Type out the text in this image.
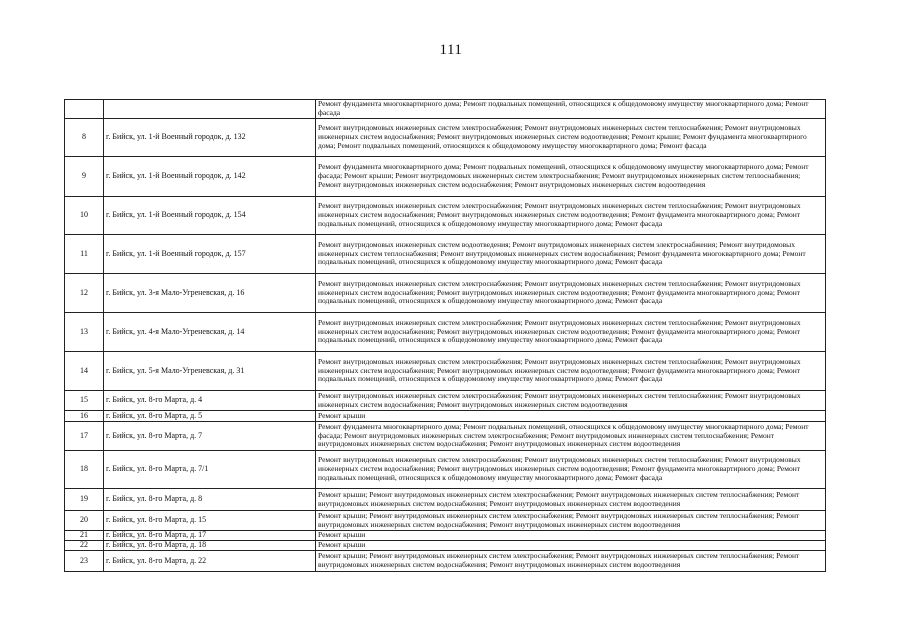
111
		Ремонт фундамента многоквартирного дома; Ремонт подвальных помещений, относящихся к общедомовому имуществу многоквартирного дома; Ремонт фасада
8	г. Бийск, ул. 1-й Военный городок, д. 132	Ремонт внутридомовых инженерных систем электроснабжения; Ремонт внутридомовых инженерных систем теплоснабжения; Ремонт внутридомовых инженерных систем водоснабжения; Ремонт внутридомовых инженерных систем водоотведения; Ремонт крыши; Ремонт фундамента многоквартирного дома; Ремонт подвальных помещений, относящихся к общедомовому имуществу многоквартирного дома; Ремонт фасада
9	г. Бийск, ул. 1-й Военный городок, д. 142	Ремонт фундамента многоквартирного дома; Ремонт подвальных помещений, относящихся к общедомовому имуществу многоквартирного дома; Ремонт фасада; Ремонт крыши; Ремонт внутридомовых инженерных систем электроснабжения; Ремонт внутридомовых инженерных систем теплоснабжения; Ремонт внутридомовых инженерных систем водоснабжения; Ремонт внутридомовых инженерных систем водоотведения
10	г. Бийск, ул. 1-й Военный городок, д. 154	Ремонт внутридомовых инженерных систем электроснабжения; Ремонт внутридомовых инженерных систем теплоснабжения; Ремонт внутридомовых инженерных систем водоснабжения; Ремонт внутридомовых инженерных систем водоотведения; Ремонт фундамента многоквартирного дома; Ремонт подвальных помещений, относящихся к общедомовому имуществу многоквартирного дома; Ремонт фасада
11	г. Бийск, ул. 1-й Военный городок, д. 157	Ремонт внутридомовых инженерных систем водоотведения; Ремонт внутридомовых инженерных систем электроснабжения; Ремонт внутридомовых инженерных систем теплоснабжения; Ремонт внутридомовых инженерных систем водоснабжения; Ремонт фундамента многоквартирного дома; Ремонт подвальных помещений, относящихся к общедомовому имуществу многоквартирного дома; Ремонт фасада
12	г. Бийск, ул. 3-я Мало-Угреневская, д. 16	Ремонт внутридомовых инженерных систем электроснабжения; Ремонт внутридомовых инженерных систем теплоснабжения; Ремонт внутридомовых инженерных систем водоснабжения; Ремонт внутридомовых инженерных систем водоотведения; Ремонт фундамента многоквартирного дома; Ремонт подвальных помещений, относящихся к общедомовому имуществу многоквартирного дома; Ремонт фасада
13	г. Бийск, ул. 4-я Мало-Угреневская, д. 14	Ремонт внутридомовых инженерных систем электроснабжения; Ремонт внутридомовых инженерных систем теплоснабжения; Ремонт внутридомовых инженерных систем водоснабжения; Ремонт внутридомовых инженерных систем водоотведения; Ремонт фундамента многоквартирного дома; Ремонт подвальных помещений, относящихся к общедомовому имуществу многоквартирного дома; Ремонт фасада
14	г. Бийск, ул. 5-я Мало-Угреневская, д. 31	Ремонт внутридомовых инженерных систем электроснабжения; Ремонт внутридомовых инженерных систем теплоснабжения; Ремонт внутридомовых инженерных систем водоснабжения; Ремонт внутридомовых инженерных систем водоотведения; Ремонт фундамента многоквартирного дома; Ремонт подвальных помещений, относящихся к общедомовому имуществу многоквартирного дома; Ремонт фасада
15	г. Бийск, ул. 8-го Марта, д. 4	Ремонт внутридомовых инженерных систем электроснабжения; Ремонт внутридомовых инженерных систем теплоснабжения; Ремонт внутридомовых инженерных систем водоснабжения; Ремонт внутридомовых инженерных систем водоотведения
16	г. Бийск, ул. 8-го Марта, д. 5	Ремонт крыши
17	г. Бийск, ул. 8-го Марта, д. 7	Ремонт фундамента многоквартирного дома; Ремонт подвальных помещений, относящихся к общедомовому имуществу многоквартирного дома; Ремонт фасада; Ремонт внутридомовых инженерных систем электроснабжения; Ремонт внутридомовых инженерных систем теплоснабжения; Ремонт внутридомовых инженерных систем водоснабжения; Ремонт внутридомовых инженерных систем водоотведения
18	г. Бийск, ул. 8-го Марта, д. 7/1	Ремонт внутридомовых инженерных систем электроснабжения; Ремонт внутридомовых инженерных систем теплоснабжения; Ремонт внутридомовых инженерных систем водоснабжения; Ремонт внутридомовых инженерных систем водоотведения; Ремонт фундамента многоквартирного дома; Ремонт подвальных помещений, относящихся к общедомовому имуществу многоквартирного дома; Ремонт фасада
19	г. Бийск, ул. 8-го Марта, д. 8	Ремонт крыши; Ремонт внутридомовых инженерных систем электроснабжения; Ремонт внутридомовых инженерных систем теплоснабжения; Ремонт внутридомовых инженерных систем водоснабжения; Ремонт внутридомовых инженерных систем водоотведения
20	г. Бийск, ул. 8-го Марта, д. 15	Ремонт крыши; Ремонт внутридомовых инженерных систем электроснабжения; Ремонт внутридомовых инженерных систем теплоснабжения; Ремонт внутридомовых инженерных систем водоснабжения; Ремонт внутридомовых инженерных систем водоотведения
21	г. Бийск, ул. 8-го Марта, д. 17	Ремонт крыши
22	г. Бийск, ул. 8-го Марта, д. 18	Ремонт крыши
23	г. Бийск, ул. 8-го Марта, д. 22	Ремонт крыши; Ремонт внутридомовых инженерных систем электроснабжения; Ремонт внутридомовых инженерных систем теплоснабжения; Ремонт внутридомовых инженерных систем водоснабжения; Ремонт внутридомовых инженерных систем водоотведения
